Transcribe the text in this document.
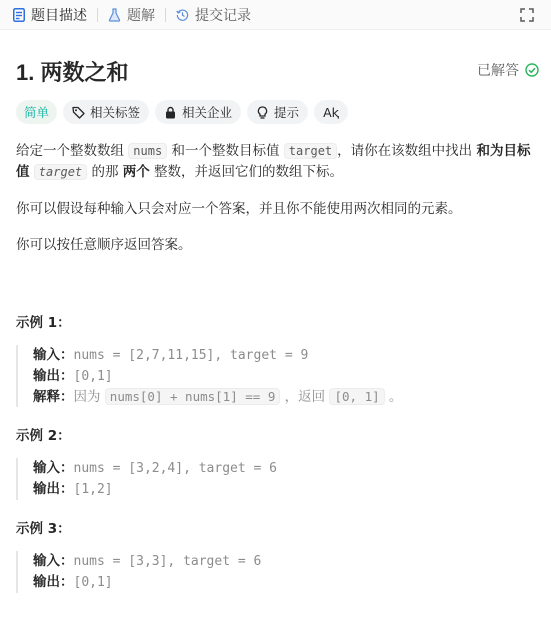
题目描述	题解	提交记录
1. 两数之和	已解答
简单	相关标签	相关企业	提示 Aⱪ
给定一个整数数组 nums 和一个整数目标值 target ，请你在该数组中找出 和为目标值 target 的那 两个 整数，并返回它们的数组下标。
你可以假设每种输入只会对应一个答案，并且你不能使用两次相同的元素。
你可以按任意顺序返回答案。
示例 1：
输入：nums = [2,7,11,15], target = 9
输出：[0,1]
解释：因为 nums[0] + nums[1] == 9 ，返回 [0, 1] 。
示例 2：
输入：nums = [3,2,4], target = 6
输出：[1,2]
示例 3：
输入：nums = [3,3], target = 6
输出：[0,1]
